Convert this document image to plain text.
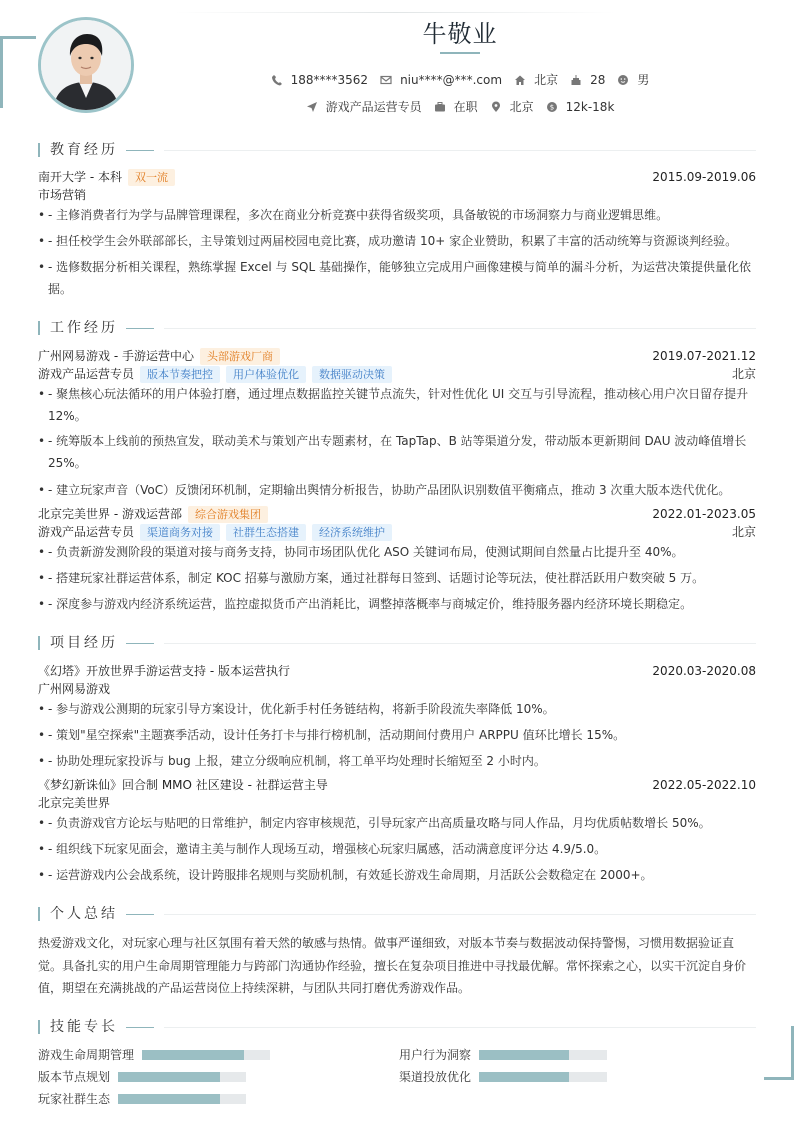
牛敬业
188****3562	niu****@***.com	北京	28	男
游戏产品运营专员	在职	北京 $ 12k-18k
教育经历
南开大学 - 本科	双一流	2015.09-2019.06
市场营销
• - 主修消费者行为学与品牌管理课程，多次在商业分析竞赛中获得省级奖项，具备敏锐的市场洞察力与商业逻辑思维。
• - 担任校学生会外联部部长，主导策划过两届校园电竞比赛，成功邀请 10+ 家企业赞助，积累了丰富的活动统筹与资源谈判经验。
• - 选修数据分析相关课程，熟练掌握 Excel 与 SQL 基础操作，能够独立完成用户画像建模与简单的漏斗分析，为运营决策提供量化依据。
工作经历
广州网易游戏 - 手游运营中心	头部游戏厂商	2019.07-2021.12
游戏产品运营专员	版本节奏把控	用户体验优化	数据驱动决策	北京
• - 聚焦核心玩法循环的用户体验打磨，通过埋点数据监控关键节点流失，针对性优化 UI 交互与引导流程，推动核心用户次日留存提升 12%。
• - 统筹版本上线前的预热宣发，联动美术与策划产出专题素材，在 TapTap、B 站等渠道分发，带动版本更新期间 DAU 波动峰值增长 25%。
• - 建立玩家声音（VoC）反馈闭环机制，定期输出舆情分析报告，协助产品团队识别数值平衡痛点，推动 3 次重大版本迭代优化。
北京完美世界 - 游戏运营部	综合游戏集团	2022.01-2023.05
游戏产品运营专员	渠道商务对接	社群生态搭建	经济系统维护	北京
• - 负责新游发测阶段的渠道对接与商务支持，协同市场团队优化 ASO 关键词布局，使测试期间自然量占比提升至 40%。
• - 搭建玩家社群运营体系，制定 KOC 招募与激励方案，通过社群每日签到、话题讨论等玩法，使社群活跃用户数突破 5 万。
• - 深度参与游戏内经济系统运营，监控虚拟货币产出消耗比，调整掉落概率与商城定价，维持服务器内经济环境长期稳定。
项目经历
《幻塔》开放世界手游运营支持 - 版本运营执行	2020.03-2020.08
广州网易游戏
• - 参与游戏公测期的玩家引导方案设计，优化新手村任务链结构，将新手阶段流失率降低 10%。
• - 策划"星空探索"主题赛季活动，设计任务打卡与排行榜机制，活动期间付费用户 ARPPU 值环比增长 15%。
• - 协助处理玩家投诉与 bug 上报，建立分级响应机制，将工单平均处理时长缩短至 2 小时内。
《梦幻新诛仙》回合制 MMO 社区建设 - 社群运营主导	2022.05-2022.10
北京完美世界
• - 负责游戏官方论坛与贴吧的日常维护，制定内容审核规范，引导玩家产出高质量攻略与同人作品，月均优质帖数增长 50%。
• - 组织线下玩家见面会，邀请主美与制作人现场互动，增强核心玩家归属感，活动满意度评分达 4.9/5.0。
• - 运营游戏内公会战系统，设计跨服排名规则与奖励机制，有效延长游戏生命周期，月活跃公会数稳定在 2000+。
个人总结
热爱游戏文化，对玩家心理与社区氛围有着天然的敏感与热情。做事严谨细致，对版本节奏与数据波动保持警惕，习惯用数据验证直觉。具备扎实的用户生命周期管理能力与跨部门沟通协作经验，擅长在复杂项目推进中寻找最优解。常怀探索之心，以实干沉淀自身价值，期望在充满挑战的产品运营岗位上持续深耕，与团队共同打磨优秀游戏作品。
技能专长
游戏生命周期管理	用户行为洞察
版本节点规划	渠道投放优化
玩家社群生态
